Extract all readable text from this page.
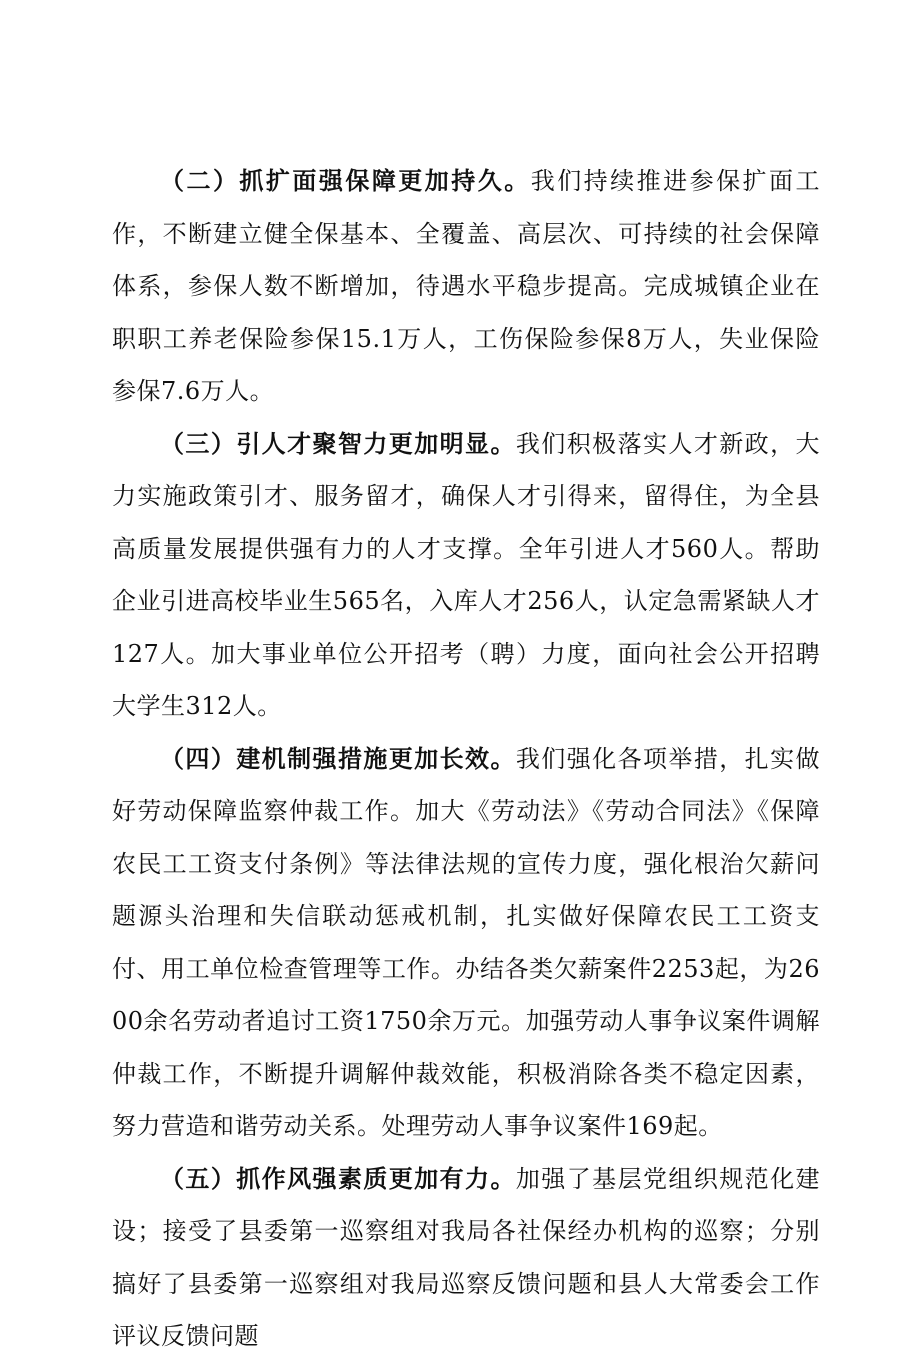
（二）抓扩面强保障更加持久。我们持续推进参保扩面工作，不断建立健全保基本、全覆盖、高层次、可持续的社会保障体系，参保人数不断增加，待遇水平稳步提高。完成城镇企业在职职工养老保险参保15.1万人，工伤保险参保8万人，失业保险参保7.6万人。

（三）引人才聚智力更加明显。我们积极落实人才新政，大力实施政策引才、服务留才，确保人才引得来，留得住，为全县高质量发展提供强有力的人才支撑。全年引进人才560人。帮助企业引进高校毕业生565名，入库人才256人，认定急需紧缺人才127人。加大事业单位公开招考（聘）力度，面向社会公开招聘大学生312人。

（四）建机制强措施更加长效。我们强化各项举措，扎实做好劳动保障监察仲裁工作。加大《劳动法》《劳动合同法》《保障农民工工资支付条例》等法律法规的宣传力度，强化根治欠薪问题源头治理和失信联动惩戒机制，扎实做好保障农民工工资支付、用工单位检查管理等工作。办结各类欠薪案件2253起，为2600余名劳动者追讨工资1750余万元。加强劳动人事争议案件调解仲裁工作，不断提升调解仲裁效能，积极消除各类不稳定因素，努力营造和谐劳动关系。处理劳动人事争议案件169起。

（五）抓作风强素质更加有力。加强了基层党组织规范化建设；接受了县委第一巡察组对我局各社保经办机构的巡察；分别搞好了县委第一巡察组对我局巡察反馈问题和县人大常委会工作评议反馈问题
